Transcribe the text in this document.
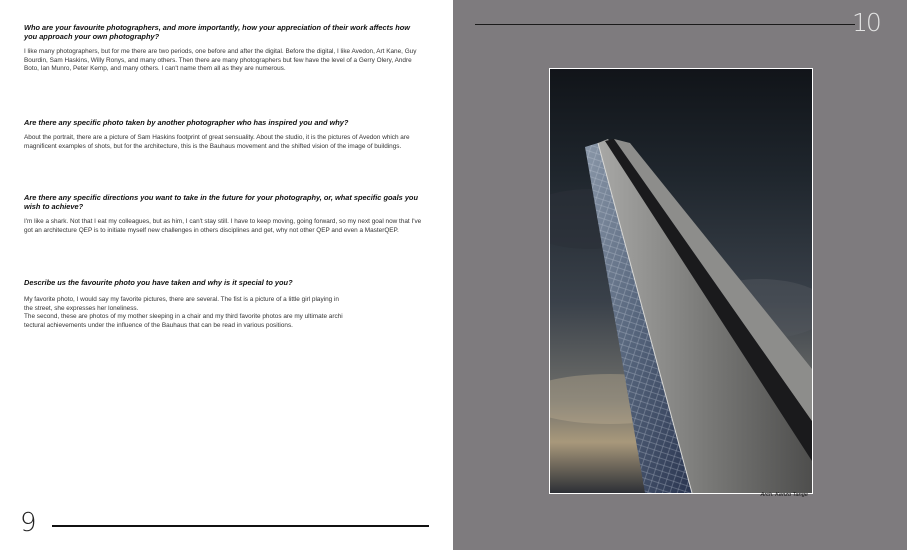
Who are your favourite photographers, and more importantly, how your appreciation of their work affects how you approach your own photography?

I like many photographers, but for me there are two periods, one before and after the digital. Before the digital, I like Avedon, Art Kane, Guy Bourdin, Sam Haskins, Willy Ronys, and many others. Then there are many photographers but few have the level of a Gerry Olery, Andre Boto, Ian Munro, Peter Kemp, and many others. I can't name them all as they are numerous.

Are there any specific photo taken by another photographer who has inspired you and why?

About the portrait, there are a picture of Sam Haskins footprint of great sensuality. About the studio, it is the pictures of Avedon which are magnificent examples of shots, but for the architecture, this is the Bauhaus movement and the shifted vision of the image of buildings.

Are there any specific directions you want to take in the future for your photography, or, what specific goals you wish to achieve?

I'm like a shark. Not that I eat my colleagues, but as him, I can't stay still. I have to keep moving, going forward, so my next goal now that I've got an architecture QEP is to initiate myself new challenges in others disciplines and get, why not other QEP and even a MasterQEP.

Describe us the favourite photo you have taken and why is it special to you?

My favorite photo, I would say my favorite pictures, there are several. The fist is a picture of a little girl playing in
the street, she expresses her loneliness.
The second, these are photos of my mother sleeping in a chair and my third favorite photos are my ultimate archi
tectural achievements under the influence of the Bauhaus that can be read in various positions.

9
10
Arch. Kenzo Tange
